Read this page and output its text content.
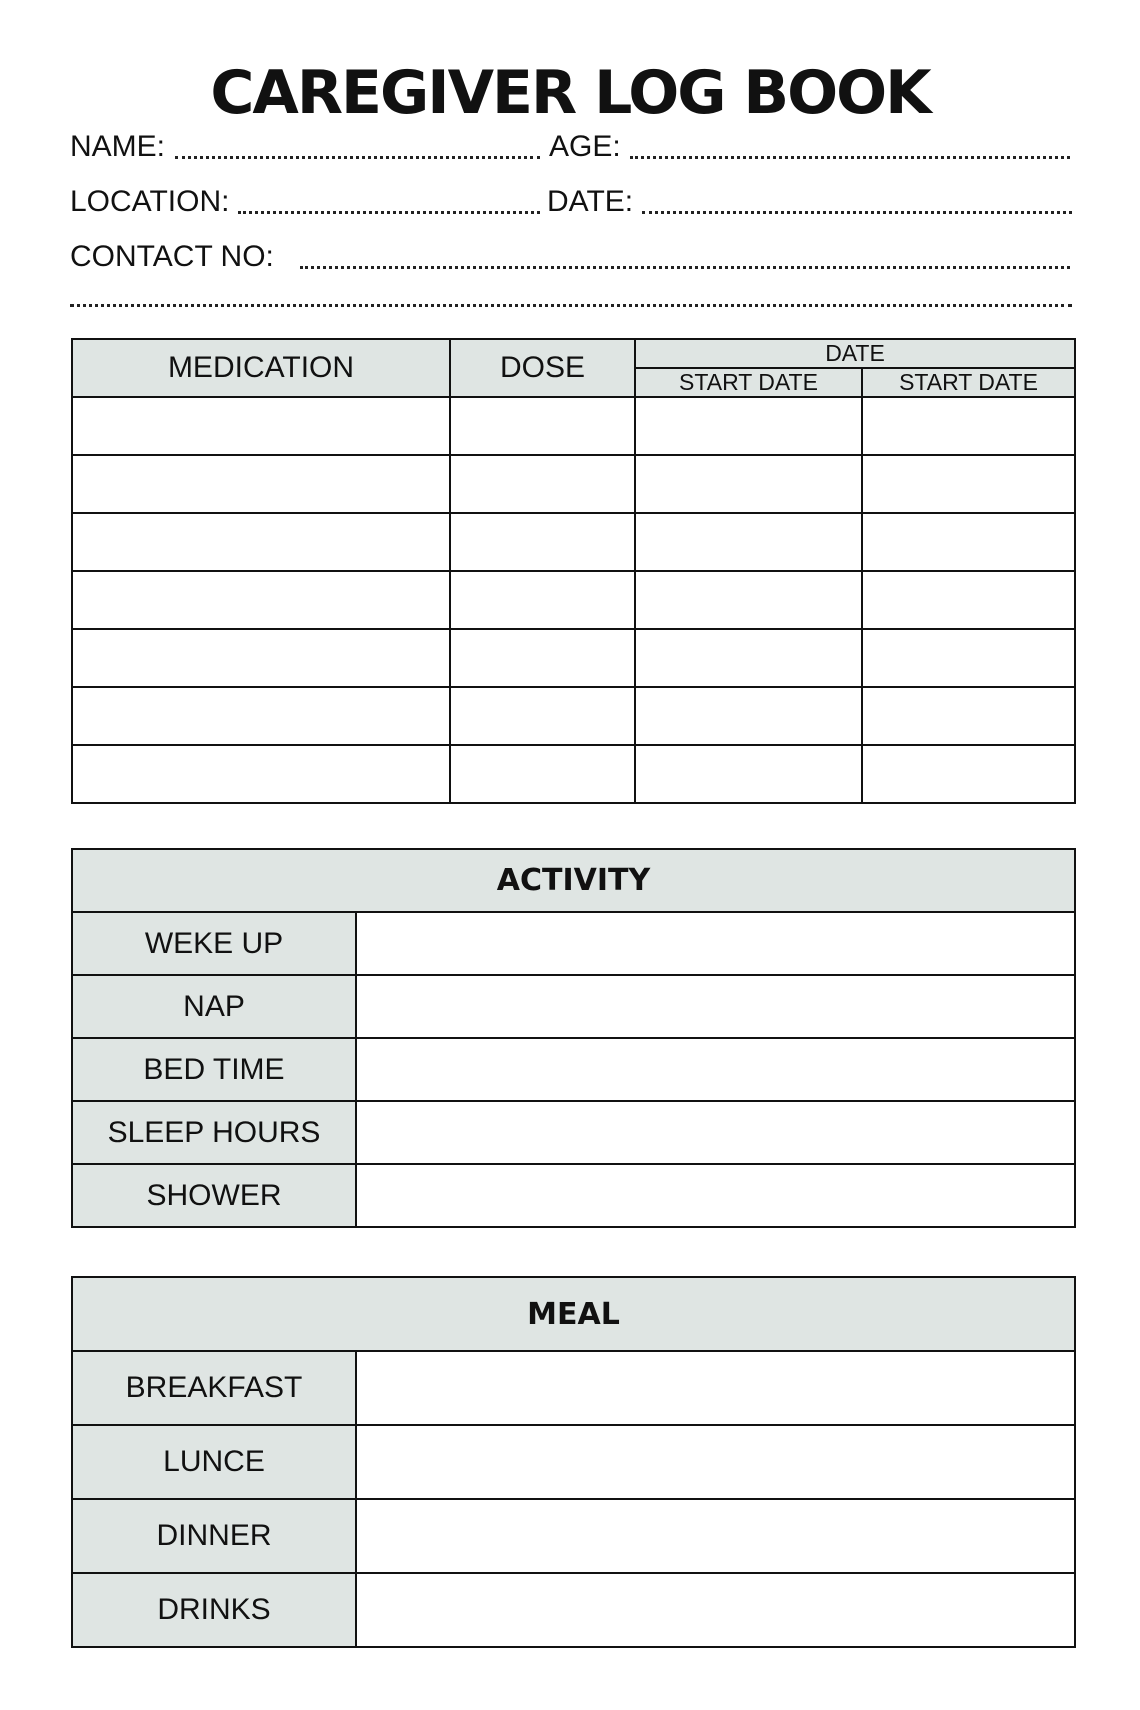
CAREGIVER LOG BOOK
NAME:	AGE:
LOCATION:	DATE:
CONTACT NO:
MEDICATION	DOSE	DATE	
		START DATE	START DATE

ACTIVITY	
WEKE UP	
NAP	
BED TIME	
SLEEP HOURS	
SHOWER	
MEAL	
BREAKFAST	
LUNCE	
DINNER	
DRINKS	
